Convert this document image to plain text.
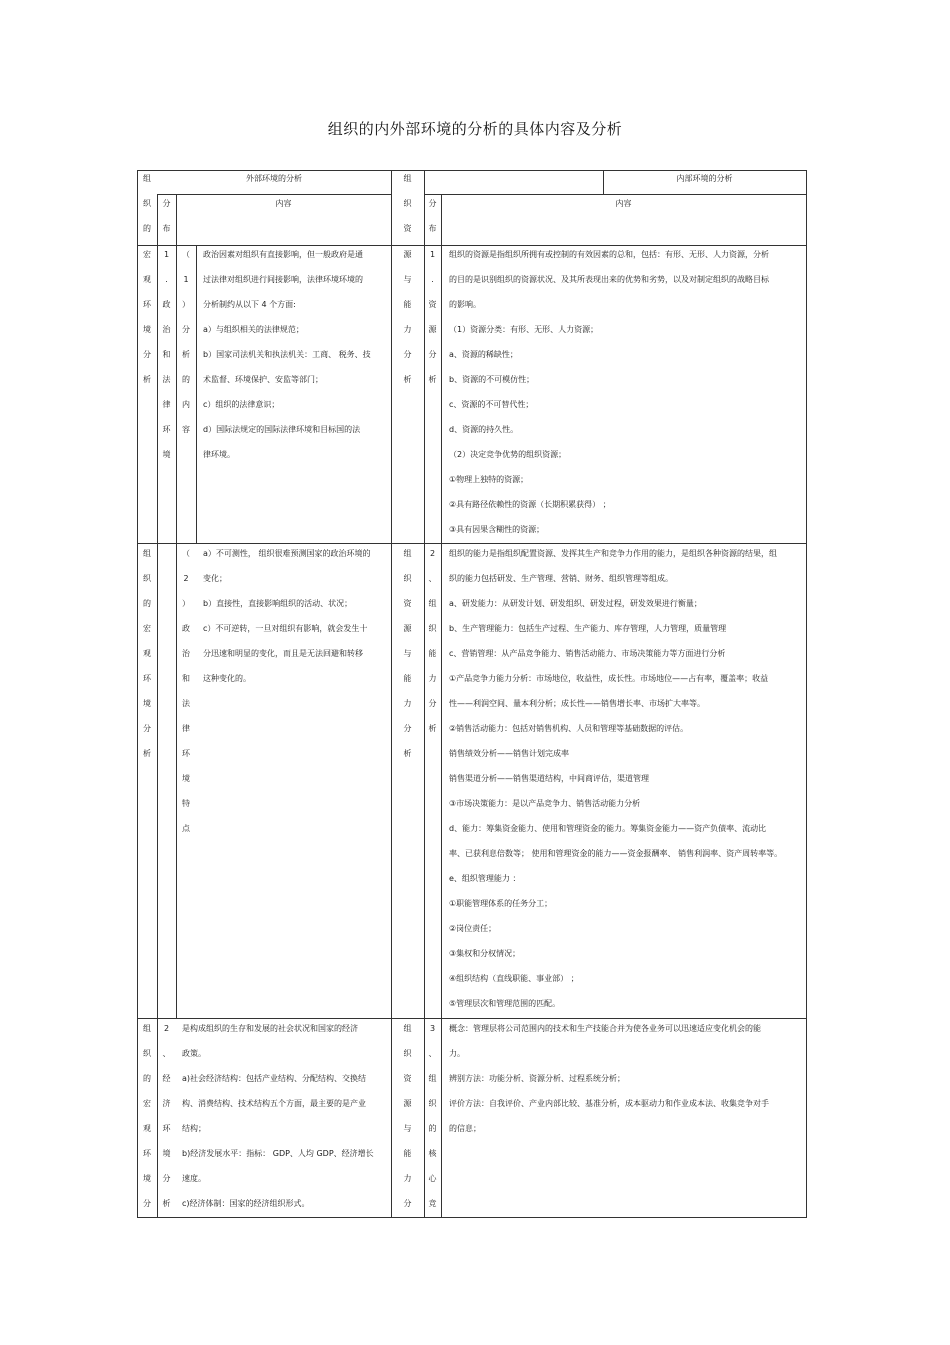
组织的内外部环境的分析的具体内容及分析
组
织
的
外部环境的分析
分
布
内容
组
织
资
内部环境的分析
分
布
内容
宏
观
环
境
分
析
1
.
政
治
和
法
律
环
境
（
1
）
分
析
的
内
容
政治因素对组织有直接影响，但一般政府是通
过法律对组织进行间接影响，法律环境环境的
分析制约从以下 4 个方面:
a）与组织相关的法律规范；
b）国家司法机关和执法机关：工商、 税务、技
术监督、环境保护、安监等部门；
c）组织的法律意识；
d）国际法规定的国际法律环境和目标国的法
律环境。
源
与
能
力
分
析
1
.
资
源
分
析
组织的资源是指组织所拥有或控制的有效因素的总和，包括：有形、无形、人力资源，分析
的目的是识别组织的资源状况、及其所表现出来的优势和劣势，以及对制定组织的战略目标
的影响。
（1）资源分类：有形、无形、人力资源；
a、资源的稀缺性；
b、资源的不可模仿性；
c、资源的不可替代性；
d、资源的持久性。
（2）决定竞争优势的组织资源；
①物理上独特的资源；
②具有路径依赖性的资源（长期积累获得） ；
③具有因果含糊性的资源；
组
织
的
宏
观
环
境
分
析
（
2
）
政
治
和
法
律
环
境
特
点
a）不可测性， 组织很难预测国家的政治环境的
变化；
b）直接性，直接影响组织的活动、状况；
c）不可逆转，一旦对组织有影响，就会发生十
分迅速和明显的变化，而且是无法回避和转移
这种变化的。
组
织
资
源
与
能
力
分
析
2
、
组
织
能
力
分
析
组织的能力是指组织配置资源、发挥其生产和竞争力作用的能力，是组织各种资源的结果，组
织的能力包括研发、生产管理、营销、财务、组织管理等组成。
a、研发能力：从研发计划、研发组织、研发过程，研发效果进行衡量；
b、生产管理能力：包括生产过程、生产能力、库存管理，人力管理，质量管理
c、营销管理：从产品竞争能力、销售活动能力、市场决策能力等方面进行分析
①产品竞争力能力分析：市场地位，收益性，成长性。市场地位——占有率，覆盖率；收益
性——利润空间、量本利分析；成长性——销售增长率、市场扩大率等。
②销售活动能力：包括对销售机构、人员和管理等基础数据的评估。
销售绩效分析——销售计划完成率
销售渠道分析——销售渠道结构，中间商评估，渠道管理
③市场决策能力：是以产品竞争力、销售活动能力分析
d、能力：筹集资金能力、使用和管理资金的能力。筹集资金能力——资产负债率、流动比
率、已获利息倍数等； 使用和管理资金的能力——资金报酬率、 销售利润率、资产周转率等。
e、组织管理能力 ：
①职能管理体系的任务分工；
②岗位责任；
③集权和分权情况；
④组织结构（直线职能、事业部） ；
⑤管理层次和管理范围的匹配。
组
织
的
宏
观
环
境
分
2
、
经
济
环
境
分
析
是构成组织的生存和发展的社会状况和国家的经济
政策。
a)社会经济结构：包括产业结构、分配结构、交换结
构、消费结构、技术结构五个方面，最主要的是产业
结构；
b)经济发展水平：指标： GDP、人均 GDP、经济增长
速度。
c)经济体制：国家的经济组织形式。
组
织
资
源
与
能
力
分
3
、
组
织
的
核
心
竞
概念：管理层将公司范围内的技术和生产技能合并为使各业务可以迅速适应变化机会的能
力。
辨别方法：功能分析、资源分析、过程系统分析；
评价方法：自我评价、产业内部比较、基准分析，成本驱动力和作业成本法、收集竞争对手
的信息；
